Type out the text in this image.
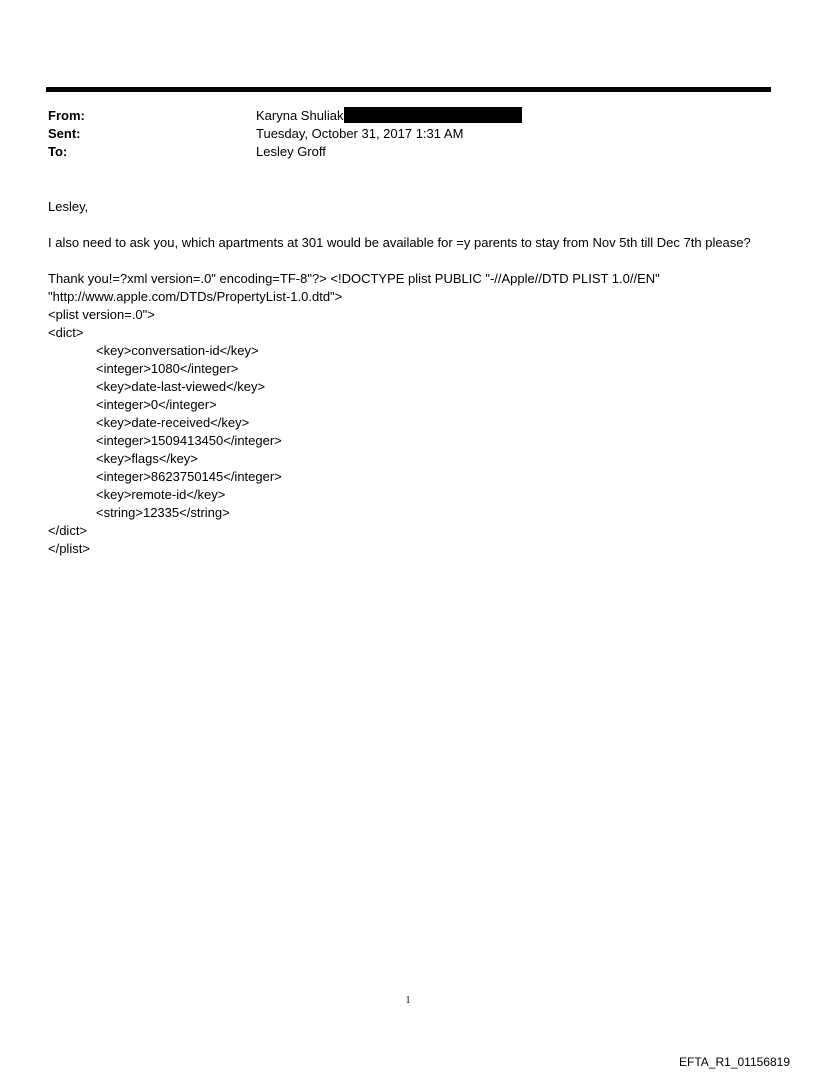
From:	Karyna Shuliak
Sent:	Tuesday, October 31, 2017 1:31 AM
To:	Lesley Groff

Lesley,

I also need to ask you, which apartments at 301 would be available for =y parents to stay from Nov 5th till Dec 7th please?

Thank you!=?xml version=.0" encoding=TF-8"?> <!DOCTYPE plist PUBLIC "-//Apple//DTD PLIST 1.0//EN"

"http://www.apple.com/DTDs/PropertyList-1.0.dtd">

<plist version=.0">

<dict>

<key>conversation-id</key>

<integer>1080</integer>

<key>date-last-viewed</key>

<integer>0</integer>

<key>date-received</key>

<integer>1509413450</integer>

<key>flags</key>

<integer>8623750145</integer>

<key>remote-id</key>

<string>12335</string>

</dict>

</plist>

1
EFTA_R1_01156819
